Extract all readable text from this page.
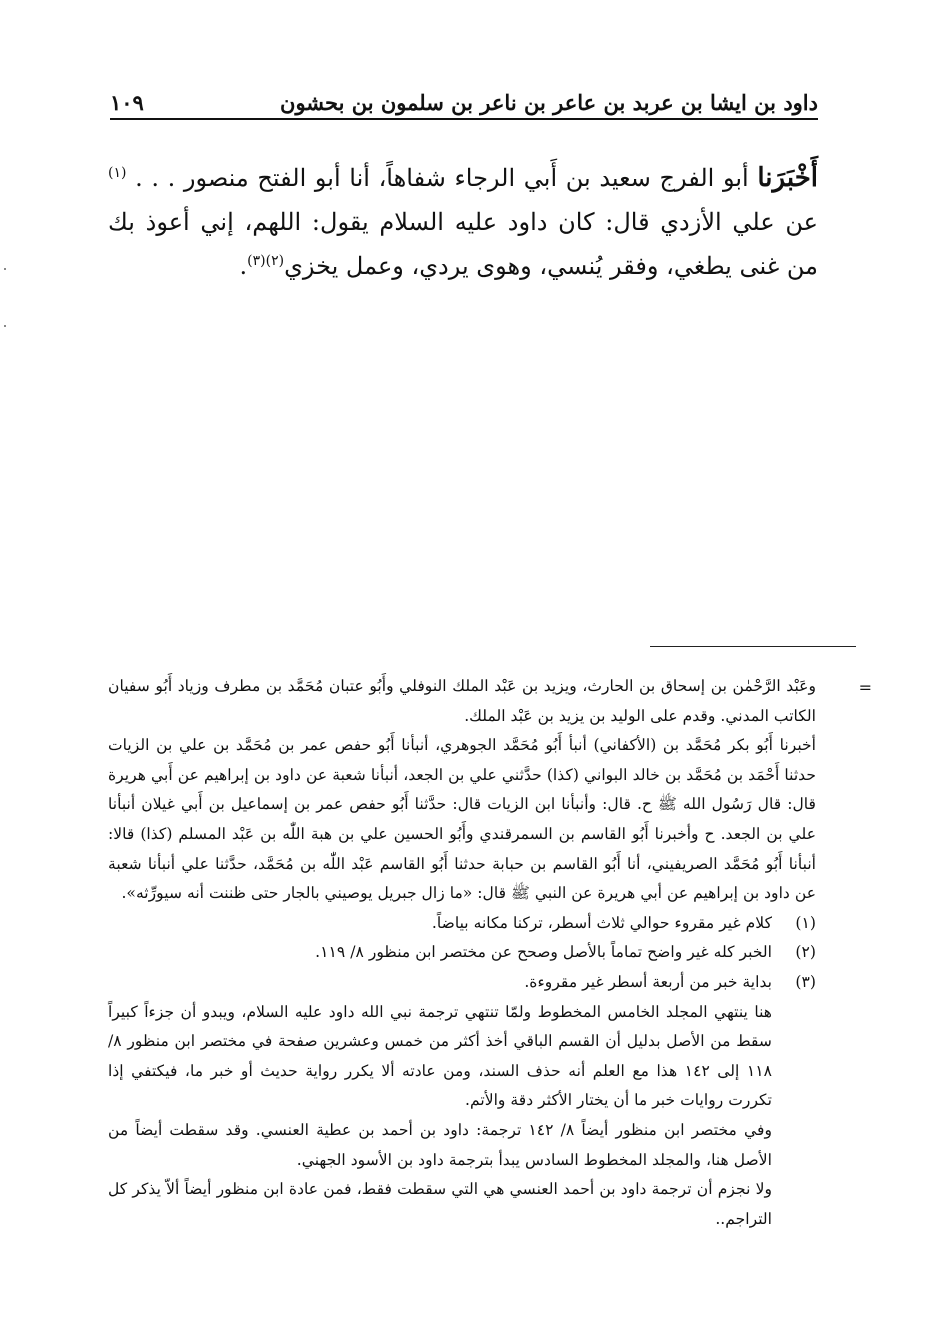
داود بن ايشا بن عربد بن عاعر بن ناعر بن سلمون بن بحشون
١٠٩

أَخْبَرَنا أبو الفرج سعيد بن أَبي الرجاء شفاهاً، أنا أبو الفتح منصور . . . $^{(١)}$ عن علي الأزدي قال: كان داود عليه السلام يقول: اللهم، إني أعوذ بك من غنى يطغي، وفقر يُنسي، وهوى يردي، وعمل يخزي$^{(٢)(٣)}$.

=

وعَبْد الرَّحْمٰن بن إسحاق بن الحارث، ويزيد بن عَبْد الملك النوفلي وأَبُو عتبان مُحَمَّد بن مطرف وزياد أَبُو سفيان الكاتب المدني. وقدم على الوليد بن يزيد بن عَبْد الملك.

أخبرنا أَبُو بكر مُحَمَّد بن (الأكفاني) أنبأ أَبُو مُحَمَّد الجوهري، أنبأنا أَبُو حفص عمر بن مُحَمَّد بن علي بن الزيات حدثنا أَحْمَد بن مُحَمَّد بن خالد البواني (كذا) حدَّثني علي بن الجعد، أنبأنا شعبة عن داود بن إبراهيم عن أَبي هريرة قال: قال رَسُول الله ﷺ ح. قال: وأنبأنا ابن الزيات قال: حدَّثنا أَبُو حفص عمر بن إسماعيل بن أَبي غيلان أنبأنا علي بن الجعد. ح وأخبرنا أَبُو القاسم بن السمرقندي وأَبُو الحسين علي بن هبة اللّٰه بن عَبْد المسلم (كذا) قالا: أنبأنا أَبُو مُحَمَّد الصريفيني، أنا أَبُو القاسم بن حبابة حدثنا أَبُو القاسم عَبْد اللّٰه بن مُحَمَّد، حدَّثنا علي أنبأنا شعبة عن داود بن إبراهيم عن أبي هريرة عن النبي ﷺ قال: «ما زال جبريل يوصيني بالجار حتى ظننت أنه سيورِّثه».

(١)
كلام غير مقروء حوالي ثلاث أسطر، تركنا مكانه بياضاً.
(٢)
الخبر كله غير واضح تماماً بالأصل وصحح عن مختصر ابن منظور ٨/ ١١٩.
(٣)
بداية خبر من أربعة أسطر غير مقروءة.

هنا ينتهي المجلد الخامس المخطوط ولمّا تنتهي ترجمة نبي الله داود عليه السلام، ويبدو أن جزءاً كبيراً سقط من الأصل بدليل أن القسم الباقي أخذ أكثر من خمس وعشرين صفحة في مختصر ابن منظور ٨/ ١١٨ إلى ١٤٢ هذا مع العلم أنه حذف السند، ومن عادته ألا يكرر رواية حديث أو خبر ما، فيكتفي إذا تكررت روايات خبر ما أن يختار الأكثر دقة والأتم.

وفي مختصر ابن منظور أيضاً ٨/ ١٤٢ ترجمة: داود بن أحمد بن عطية العنسي. وقد سقطت أيضاً من الأصل هنا، والمجلد المخطوط السادس يبدأ بترجمة داود بن الأسود الجهني.

ولا نجزم أن ترجمة داود بن أحمد العنسي هي التي سقطت فقط، فمن عادة ابن منظور أيضاً ألاّ يذكر كل التراجم..
